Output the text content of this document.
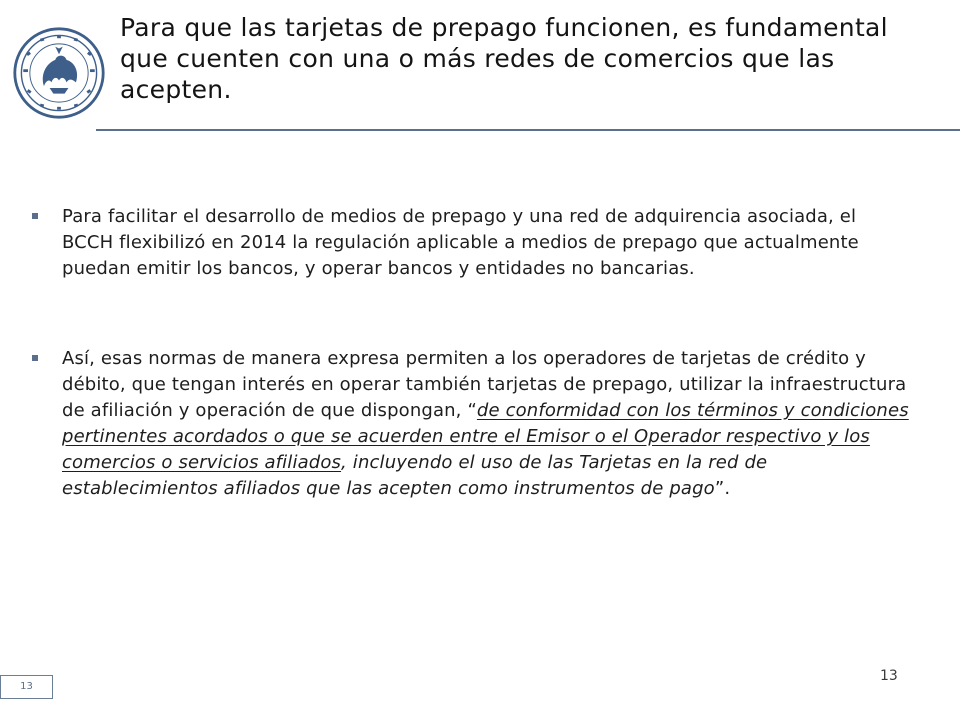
Para que las tarjetas de prepago funcionen, es fundamental que cuenten con una o más redes de comercios que las acepten.
Para facilitar el desarrollo de medios de prepago y una red de adquirencia asociada, el BCCH flexibilizó en 2014 la regulación aplicable a medios de prepago que actualmente puedan emitir los bancos, y operar bancos y entidades no bancarias.
Así, esas normas de manera expresa permiten a los operadores de tarjetas de crédito y débito, que tengan interés en operar también tarjetas de prepago, utilizar la infraestructura de afiliación y operación de que dispongan, “de conformidad con los términos y condiciones pertinentes acordados o que se acuerden entre el Emisor o el Operador respectivo y los comercios o servicios afiliados, incluyendo el uso de las Tarjetas en la red de establecimientos afiliados que las acepten como instrumentos de pago”.
13
13
